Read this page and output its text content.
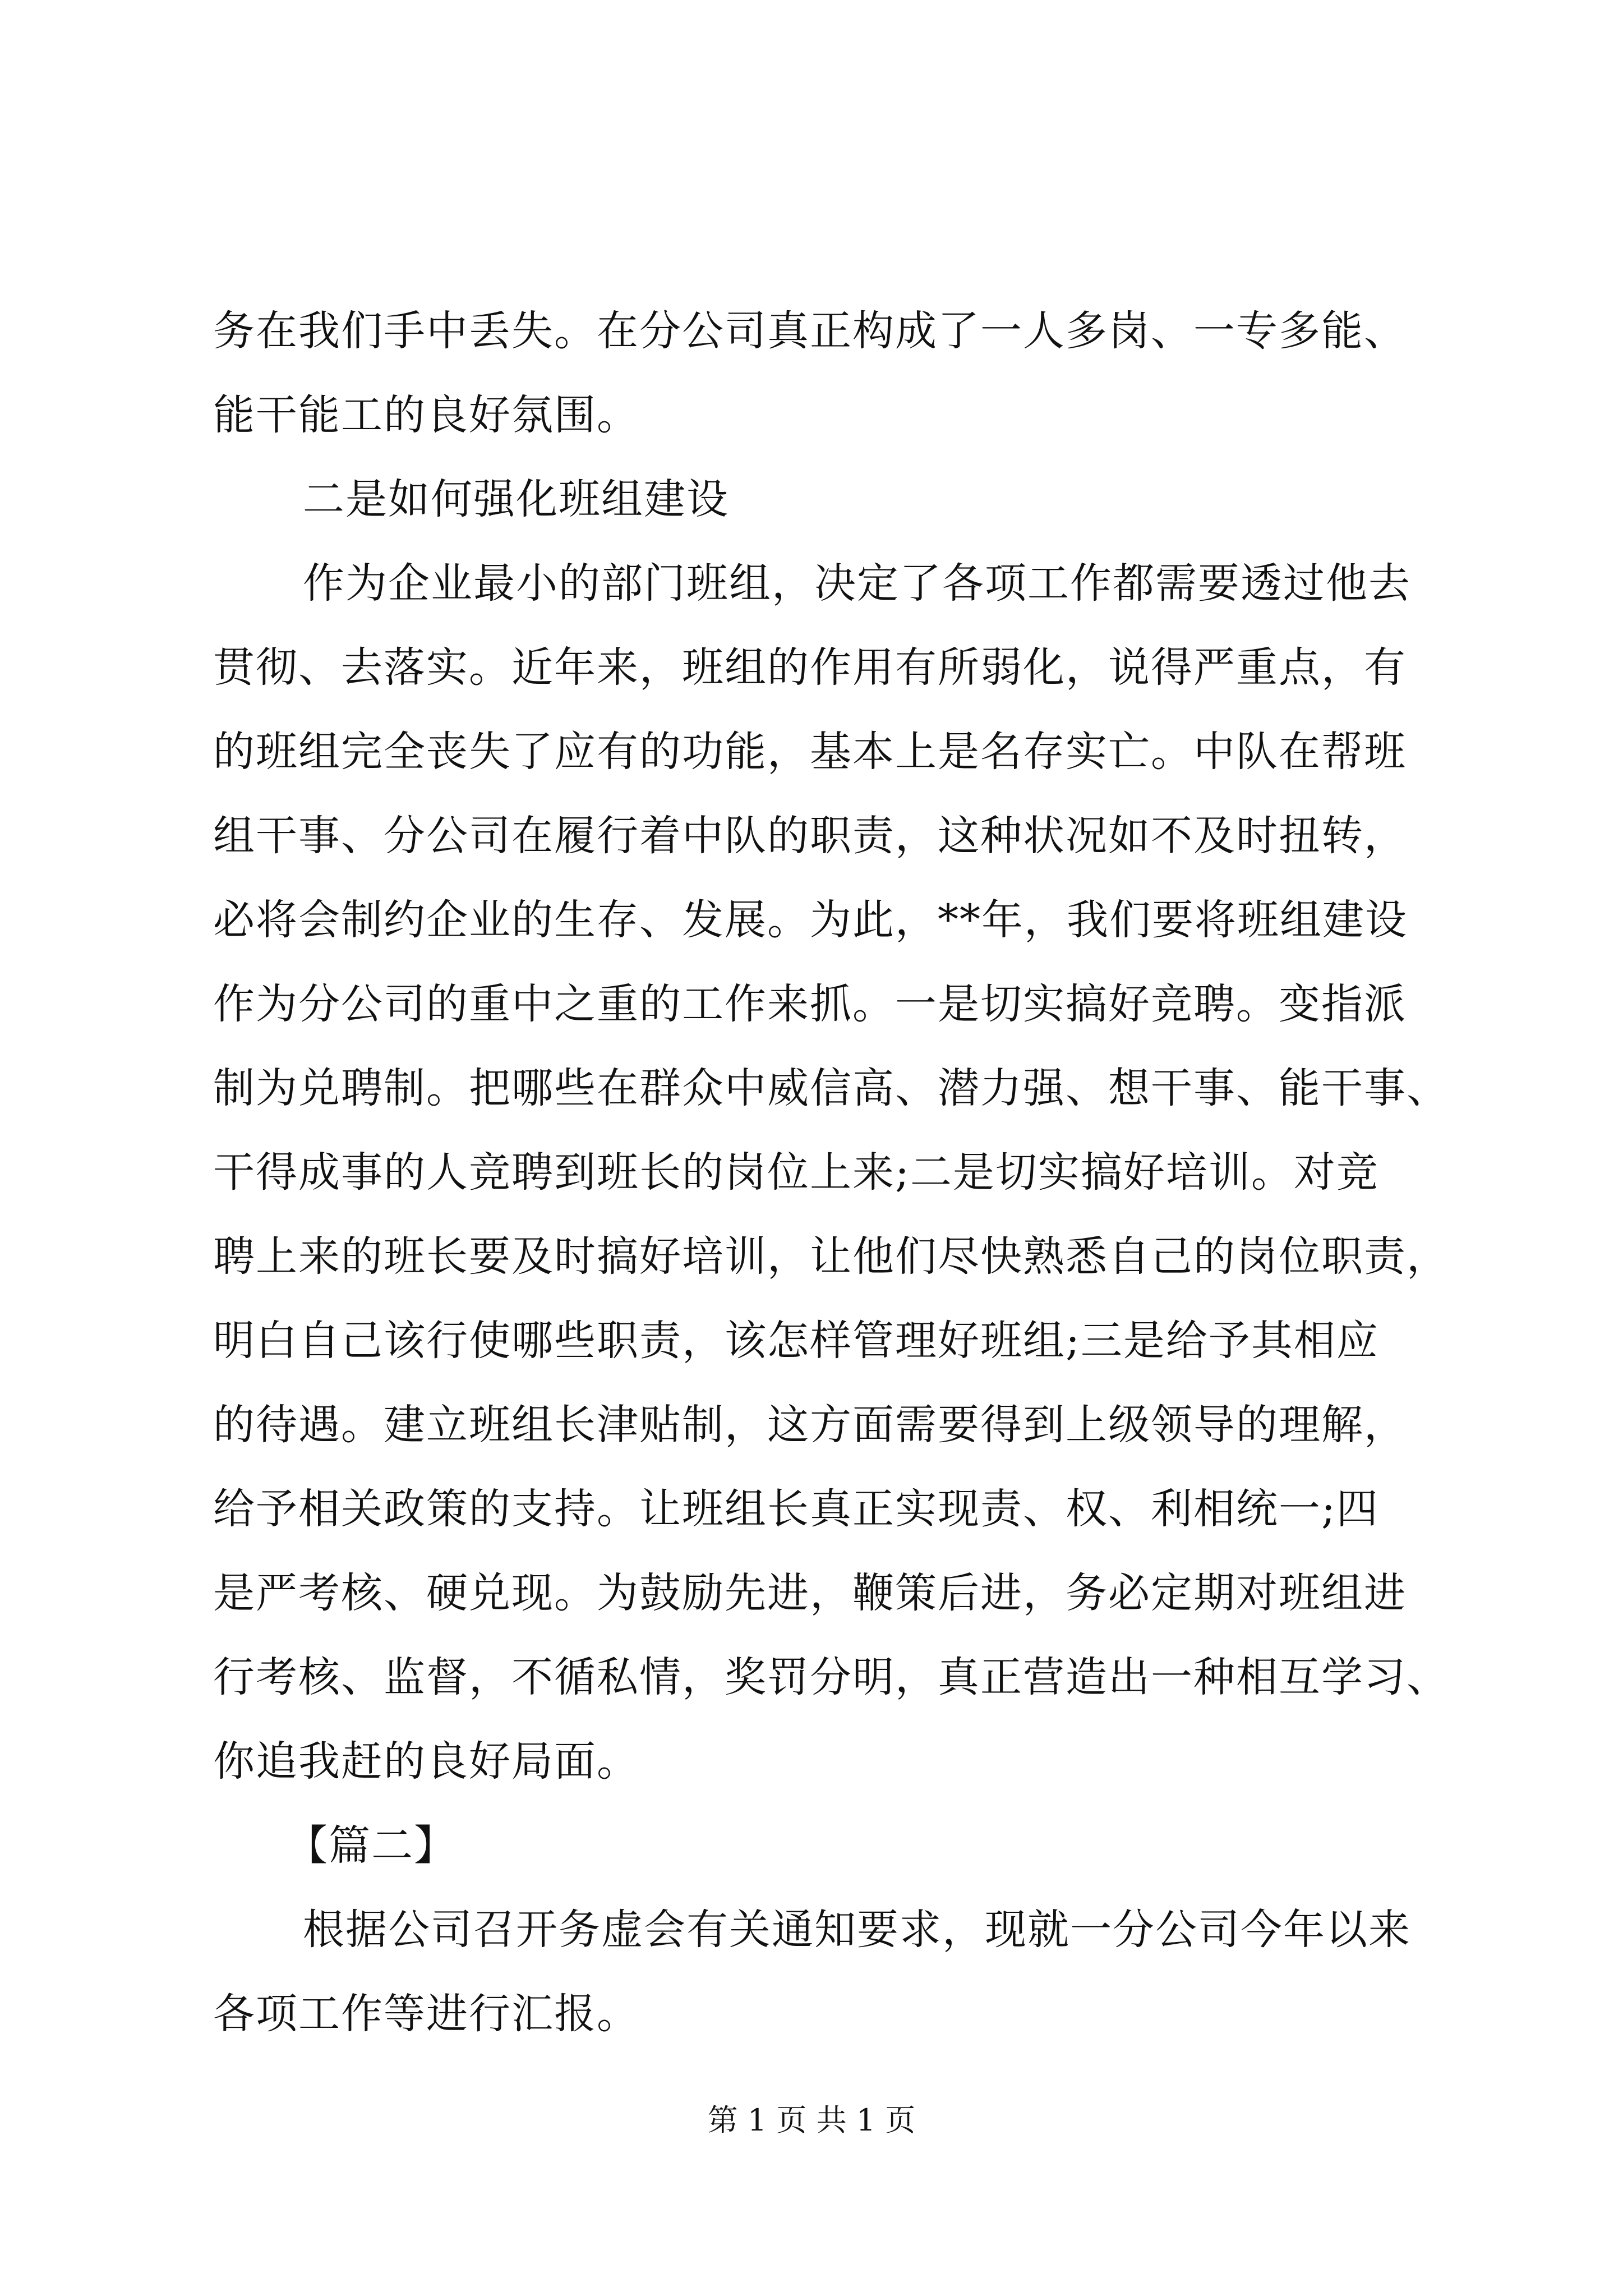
务在我们手中丢失。在分公司真正构成了一人多岗、一专多能、
能干能工的良好氛围。
二是如何强化班组建设
作为企业最小的部门班组，决定了各项工作都需要透过他去
贯彻、去落实。近年来，班组的作用有所弱化，说得严重点，有
的班组完全丧失了应有的功能，基本上是名存实亡。中队在帮班
组干事、分公司在履行着中队的职责，这种状况如不及时扭转，
必将会制约企业的生存、发展。为此，**年，我们要将班组建设
作为分公司的重中之重的工作来抓。一是切实搞好竞聘。变指派
制为兑聘制。把哪些在群众中威信高、潜力强、想干事、能干事、
干得成事的人竞聘到班长的岗位上来;二是切实搞好培训。对竞
聘上来的班长要及时搞好培训，让他们尽快熟悉自己的岗位职责，
明白自己该行使哪些职责，该怎样管理好班组;三是给予其相应
的待遇。建立班组长津贴制，这方面需要得到上级领导的理解，
给予相关政策的支持。让班组长真正实现责、权、利相统一;四
是严考核、硬兑现。为鼓励先进，鞭策后进，务必定期对班组进
行考核、监督，不循私情，奖罚分明，真正营造出一种相互学习、
你追我赶的良好局面。
【篇二】
根据公司召开务虚会有关通知要求，现就一分公司今年以来
各项工作等进行汇报。
第 1 页 共 1 页
